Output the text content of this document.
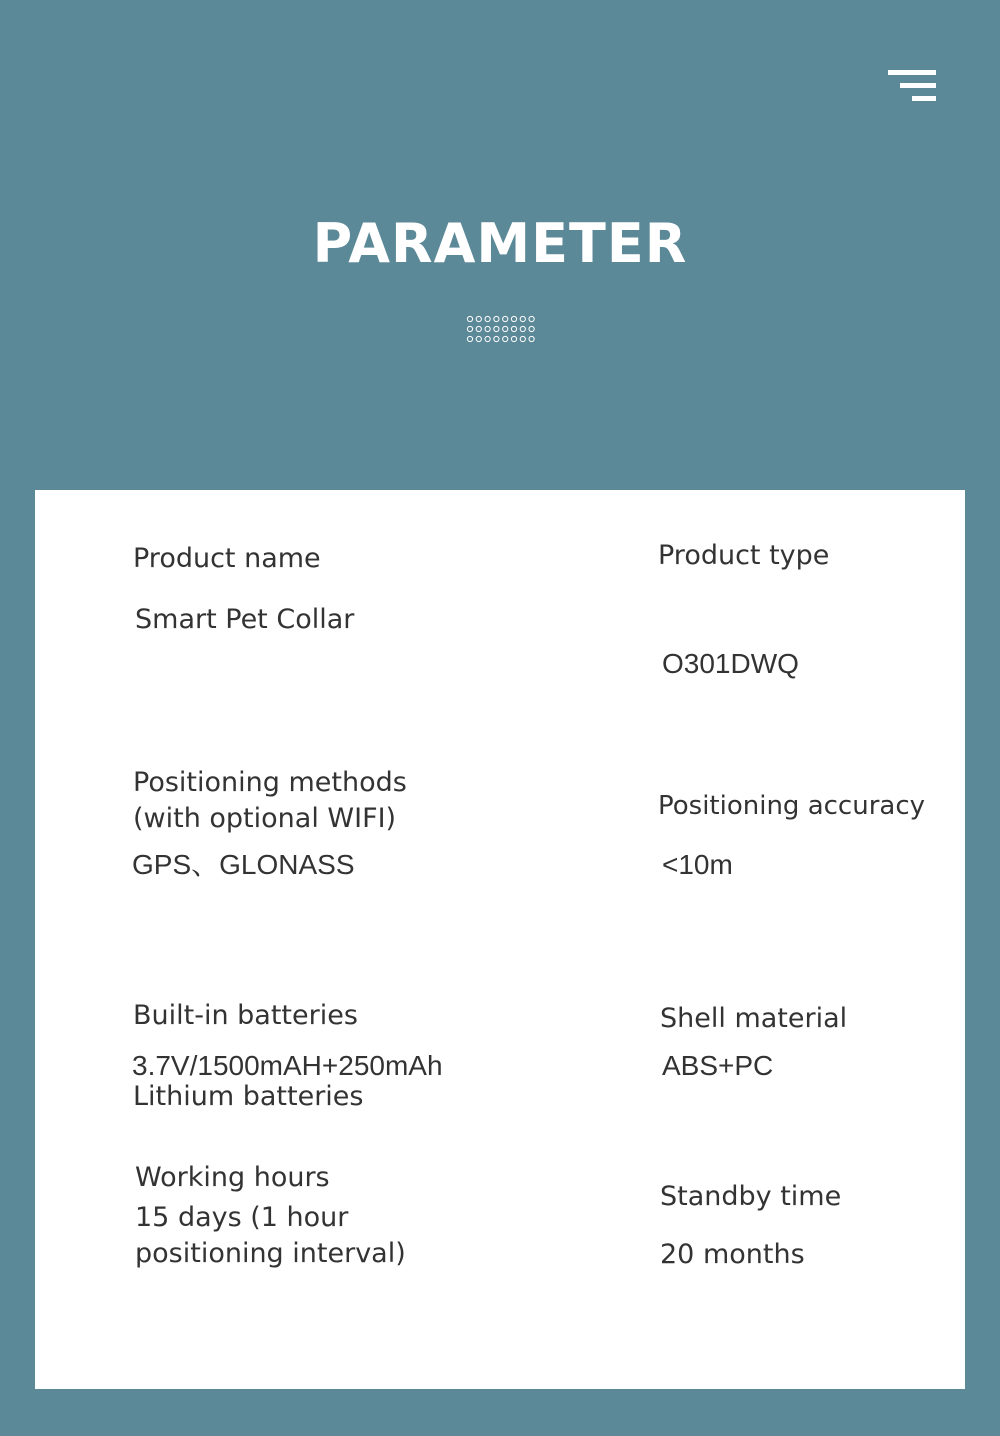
PARAMETER
Product name
Smart Pet Collar
Product type
O301DWQ
Positioning methods
(with optional WIFI)
GPS、GLONASS
Positioning accuracy
<10m
Built-in batteries
3.7V/1500mAH+250mAh
Lithium batteries
Shell material
ABS+PC
Working hours
15 days (1 hour
positioning interval)
Standby time
20 months
